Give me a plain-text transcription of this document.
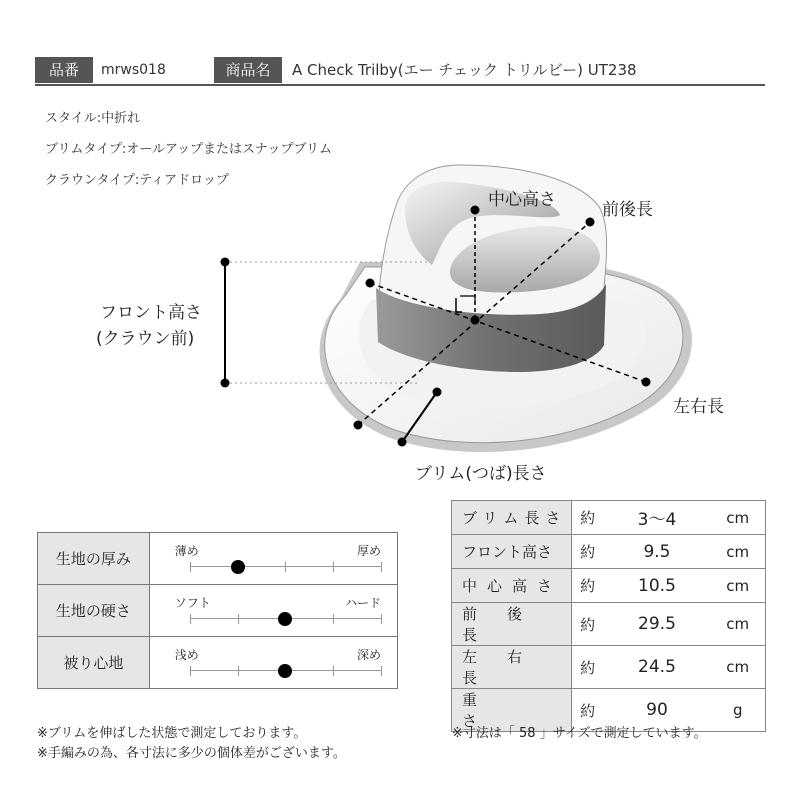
品番	mrws018	商品名	A Check Trilby(エー チェック トリルビー) UT238
スタイル:中折れ
ブリムタイプ:オールアップまたはスナップブリム
クラウンタイプ:ティアドロップ
中心高さ	前後長
フロント高さ
(クラウン前)
左右長
ブリム(つば)長さ
生地の厚み	薄め 厚め

生地の硬さ	ソフト ハード

被り心地	浅め 深め
ブリム長さ	約	3〜4	cm
フロント高さ	約	9.5	cm
中心高さ	約	10.5	cm
前後長	約	29.5	cm
左右長	約	24.5	cm
重さ	約	90	g
※ブリムを伸ばした状態で測定しております。
※手編みの為、各寸法に多少の個体差がございます。
※寸法は「 58 」サイズで測定しています。
